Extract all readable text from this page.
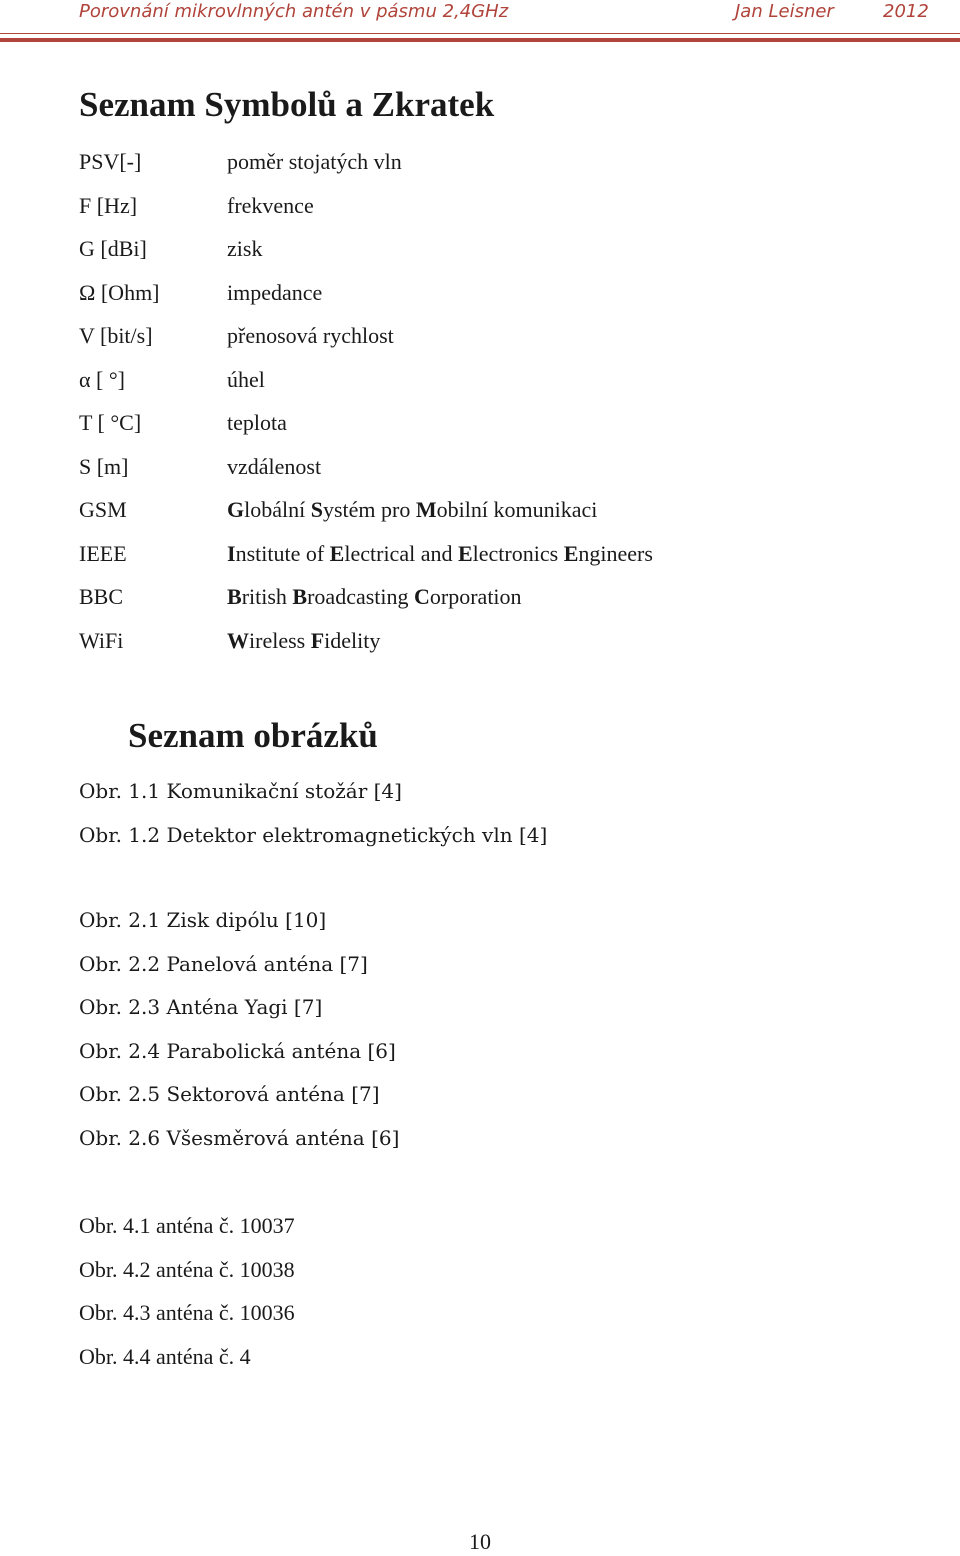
Porovnání mikrovlnných antén v pásmu 2,4GHz	Jan Leisner	2012
Seznam Symbolů a Zkratek
PSV[-]	poměr stojatých vln
F [Hz]	frekvence
G [dBi]	zisk
Ω [Ohm]	impedance
V [bit/s]	přenosová rychlost
α [ °]	úhel
T [ °C]	teplota
S [m]	vzdálenost
GSM	Globální Systém pro Mobilní komunikaci
IEEE	Institute of Electrical and Electronics Engineers
BBC	British Broadcasting Corporation
WiFi	Wireless Fidelity
Seznam obrázků
Obr. 1.1 Komunikační stožár [4]
Obr. 1.2 Detektor elektromagnetických vln [4]
Obr. 2.1 Zisk dipólu [10]
Obr. 2.2 Panelová anténa [7]
Obr. 2.3 Anténa Yagi [7]
Obr. 2.4 Parabolická anténa [6]
Obr. 2.5 Sektorová anténa [7]
Obr. 2.6 Všesměrová anténa [6]
Obr. 4.1 anténa č. 10037
Obr. 4.2 anténa č. 10038
Obr. 4.3 anténa č. 10036
Obr. 4.4 anténa č. 4
10
